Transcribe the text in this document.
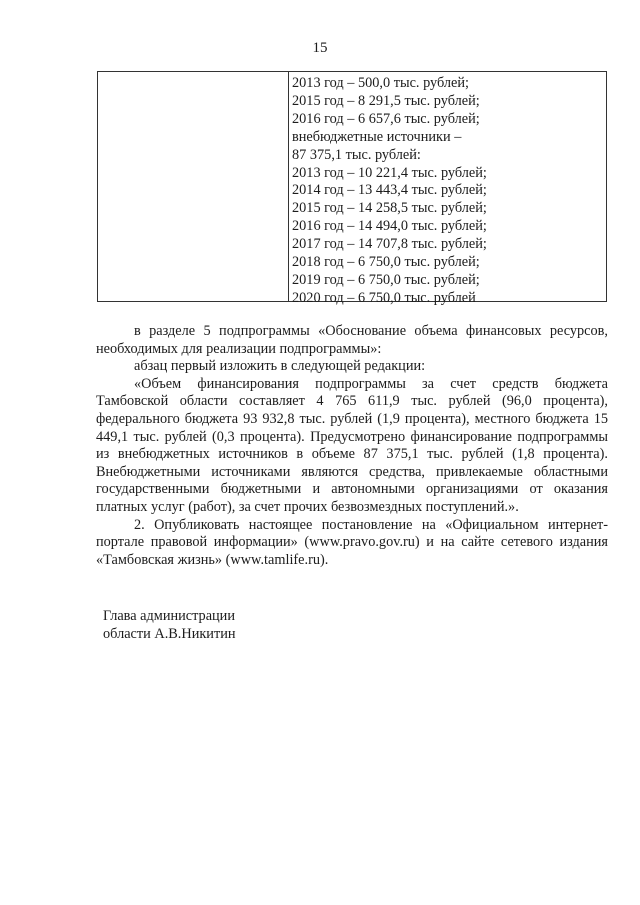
15
2013 год – 500,0 тыс. рублей;
2015 год – 8 291,5 тыс. рублей;
2016 год – 6 657,6 тыс. рублей;
внебюджетные источники –
87 375,1 тыс. рублей:
2013 год – 10 221,4 тыс. рублей;
2014 год – 13 443,4 тыс. рублей;
2015 год – 14 258,5 тыс. рублей;
2016 год – 14 494,0 тыс. рублей;
2017 год – 14 707,8 тыс. рублей;
2018 год – 6 750,0 тыс. рублей;
2019 год – 6 750,0 тыс. рублей;
2020 год – 6 750,0 тыс. рублей

в разделе 5 подпрограммы «Обоснование объема финансовых ресурсов, необходимых для реализации подпрограммы»:

абзац первый изложить в следующей редакции:

«Объем финансирования подпрограммы за счет средств бюджета Тамбовской области составляет 4 765 611,9 тыс. рублей (96,0 процента), федерального бюджета 93 932,8 тыс. рублей (1,9 процента), местного бюджета 15 449,1 тыс. рублей (0,3 процента). Предусмотрено финансирование подпрограммы из внебюджетных источников в объеме 87 375,1 тыс. рублей (1,8 процента). Внебюджетными источниками являются средства, привлекаемые областными государственными бюджетными и автономными организациями от оказания платных услуг (работ), за счет прочих безвозмездных поступлений.».

2. Опубликовать настоящее постановление на «Официальном интернет-портале правовой информации» (www.pravo.gov.ru) и на сайте сетевого издания «Тамбовская жизнь» (www.tamlife.ru).

Глава администрации
области А.В.Никитин
